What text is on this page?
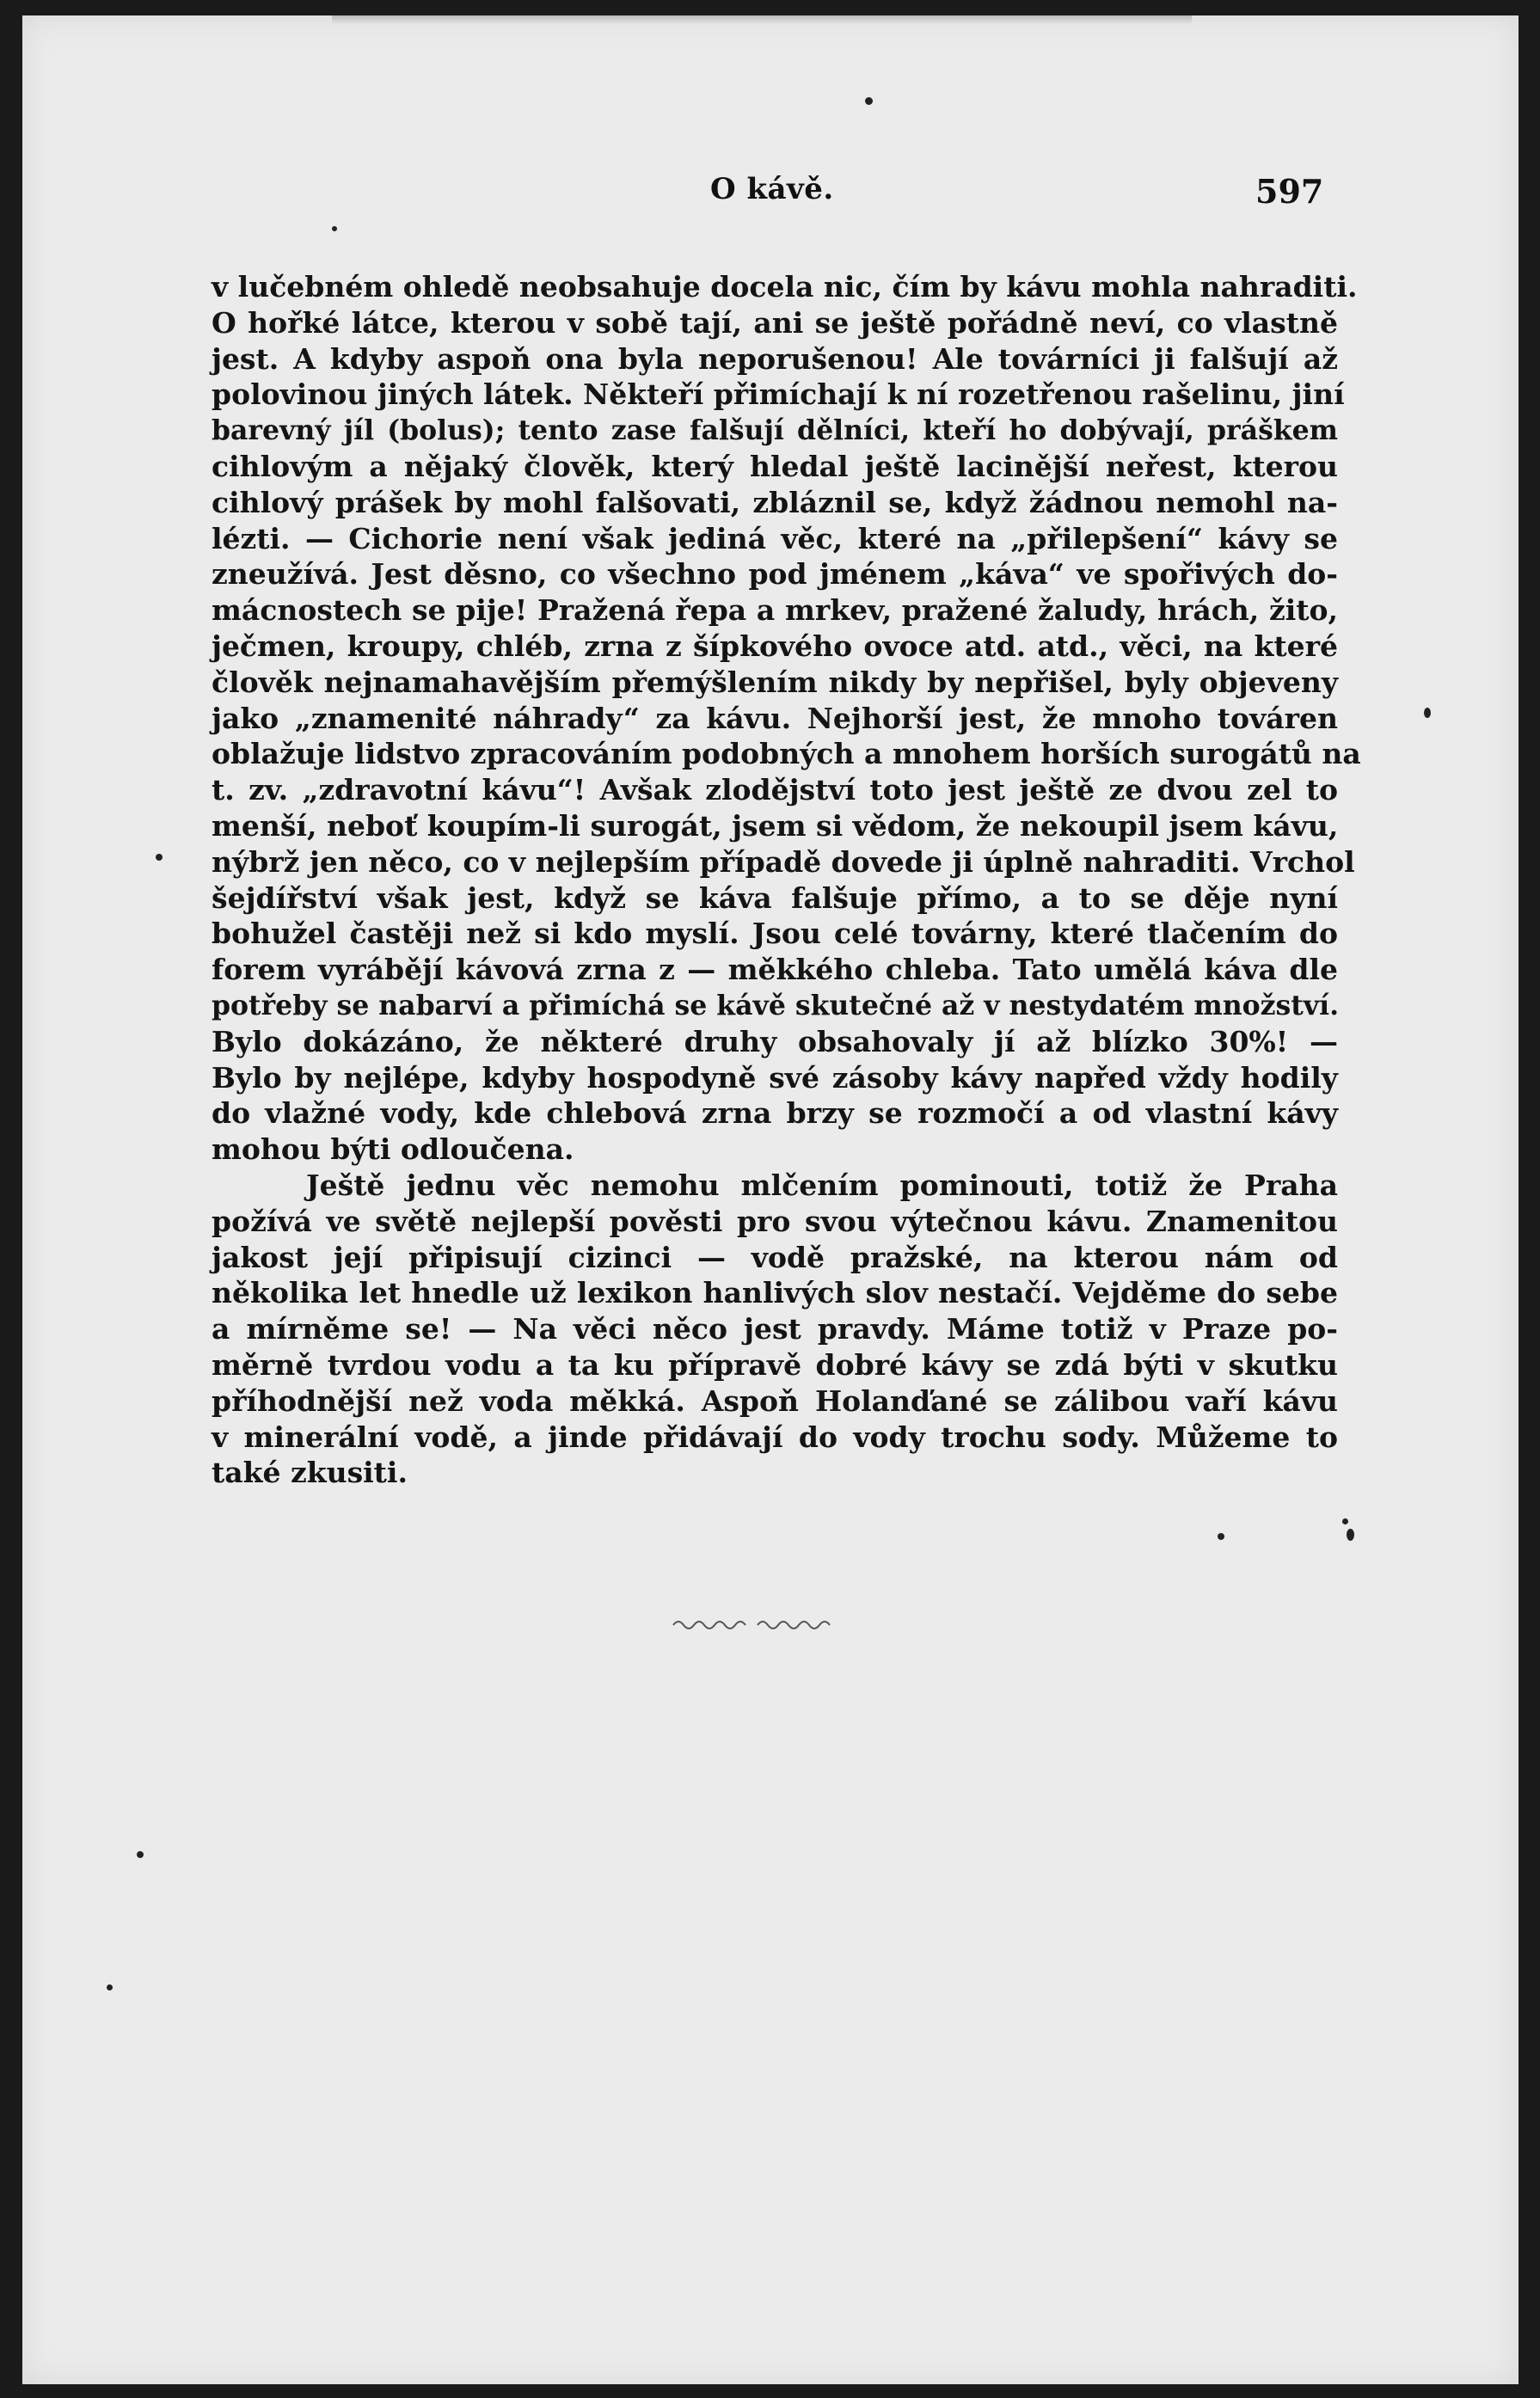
O kávě.	597
v lučebném ohledě neobsahuje docela nic, čím by kávu mohla nahraditi.
O hořké látce, kterou v sobě tají, ani se ještě pořádně neví, co vlastně
jest. A kdyby aspoň ona byla neporušenou! Ale továrníci ji falšují až
polovinou jiných látek. Někteří přimíchají k ní rozetřenou rašelinu, jiní
barevný jíl (bolus); tento zase falšují dělníci, kteří ho dobývají, práškem
cihlovým a nějaký člověk, který hledal ještě lacinější neřest, kterou
cihlový prášek by mohl falšovati, zbláznil se, když žádnou nemohl na-
lézti. — Cichorie není však jediná věc, které na „přilepšení“ kávy se
zneužívá. Jest děsno, co všechno pod jménem „káva“ ve spořivých do-
mácnostech se pije! Pražená řepa a mrkev, pražené žaludy, hrách, žito,
ječmen, kroupy, chléb, zrna z šípkového ovoce atd. atd., věci, na které
člověk nejnamahavějším přemýšlením nikdy by nepřišel, byly objeveny
jako „znamenité náhrady“ za kávu. Nejhorší jest, že mnoho továren
oblažuje lidstvo zpracováním podobných a mnohem horších surogátů na
t. zv. „zdravotní kávu“! Avšak zlodějství toto jest ještě ze dvou zel to
menší, neboť koupím-li surogát, jsem si vědom, že nekoupil jsem kávu,
nýbrž jen něco, co v nejlepším případě dovede ji úplně nahraditi. Vrchol
šejdířství však jest, když se káva falšuje přímo, a to se děje nyní
bohužel častěji než si kdo myslí. Jsou celé továrny, které tlačením do
forem vyrábějí kávová zrna z — měkkého chleba. Tato umělá káva dle
potřeby se nabarví a přimíchá se kávě skutečné až v nestydatém množství.
Bylo dokázáno, že některé druhy obsahovaly jí až blízko 30%! —
Bylo by nejlépe, kdyby hospodyně své zásoby kávy napřed vždy hodily
do vlažné vody, kde chlebová zrna brzy se rozmočí a od vlastní kávy
mohou býti odloučena.
Ještě jednu věc nemohu mlčením pominouti, totiž že Praha
požívá ve světě nejlepší pověsti pro svou výtečnou kávu. Znamenitou
jakost její připisují cizinci — vodě pražské, na kterou nám od
několika let hnedle už lexikon hanlivých slov nestačí. Vejděme do sebe
a mírněme se! — Na věci něco jest pravdy. Máme totiž v Praze po-
měrně tvrdou vodu a ta ku přípravě dobré kávy se zdá býti v skutku
příhodnější než voda měkká. Aspoň Holanďané se zálibou vaří kávu
v minerální vodě, a jinde přidávají do vody trochu sody. Můžeme to
také zkusiti.
